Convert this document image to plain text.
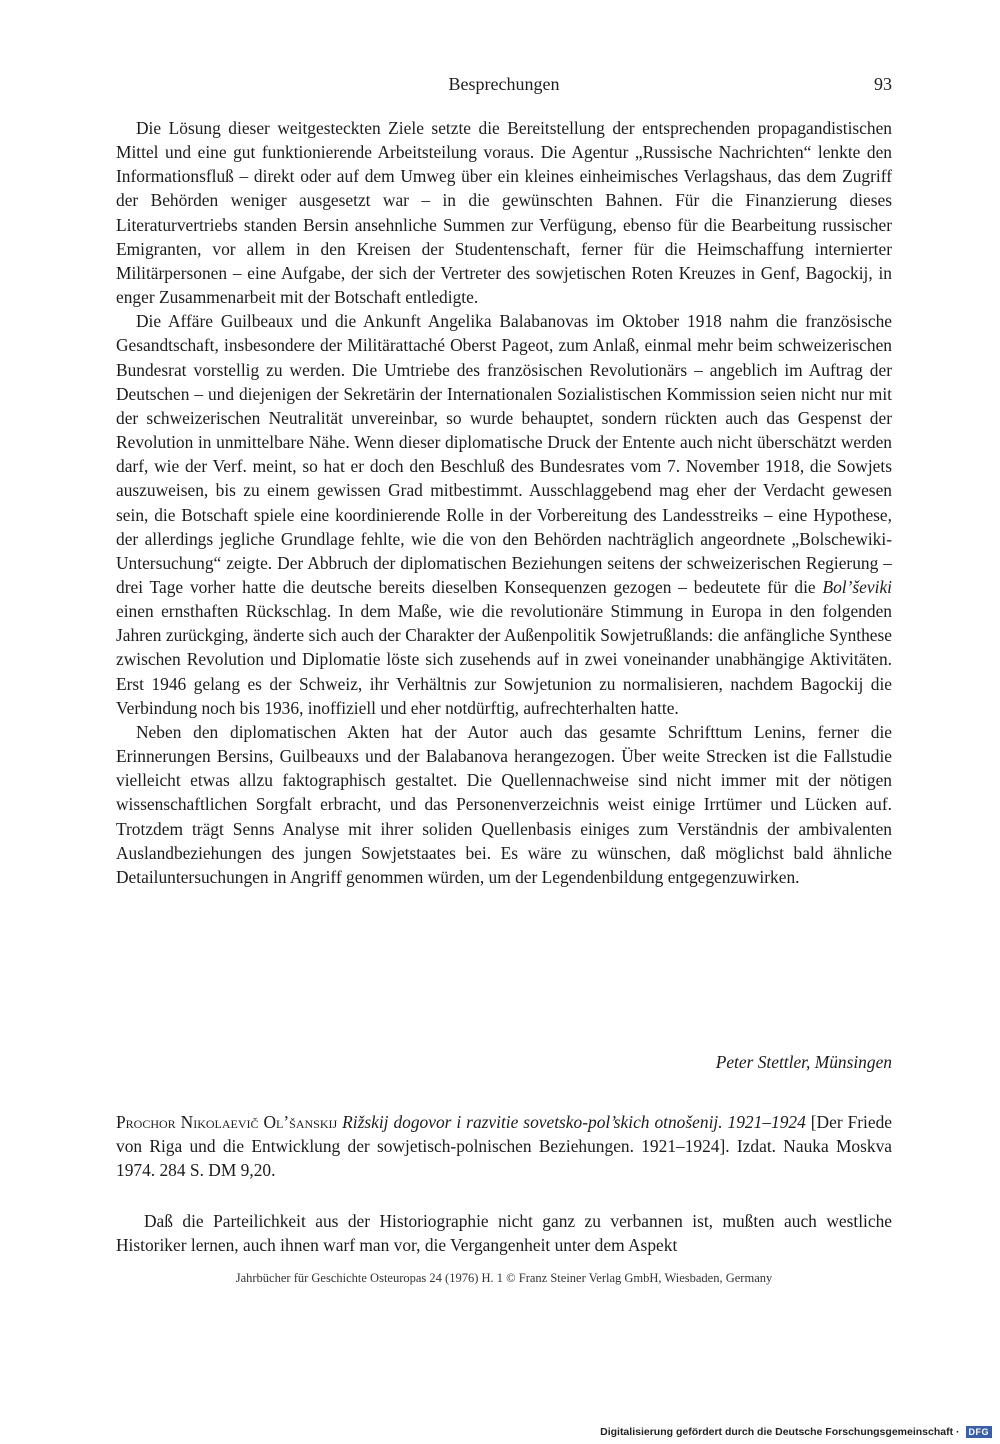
Besprechungen	93

Die Lösung dieser weitgesteckten Ziele setzte die Bereitstellung der entsprechenden propagandistischen Mittel und eine gut funktionierende Arbeitsteilung voraus. Die Agentur „Russische Nachrichten“ lenkte den Informationsfluß – direkt oder auf dem Umweg über ein kleines einheimisches Verlagshaus, das dem Zugriff der Behörden weniger ausgesetzt war – in die gewünschten Bahnen. Für die Finanzierung dieses Literaturvertriebs standen Bersin ansehnliche Summen zur Verfügung, ebenso für die Bearbeitung russischer Emigranten, vor allem in den Kreisen der Studentenschaft, ferner für die Heimschaffung internierter Militärpersonen – eine Aufgabe, der sich der Vertreter des sowjetischen Roten Kreuzes in Genf, Bagockij, in enger Zusammenarbeit mit der Botschaft entledigte.

Die Affäre Guilbeaux und die Ankunft Angelika Balabanovas im Oktober 1918 nahm die französische Gesandtschaft, insbesondere der Militärattaché Oberst Pageot, zum Anlaß, einmal mehr beim schweizerischen Bundesrat vorstellig zu werden. Die Umtriebe des französischen Revolutionärs – angeblich im Auftrag der Deutschen – und diejenigen der Sekretärin der Internationalen Sozialistischen Kommission seien nicht nur mit der schweizerischen Neutralität unvereinbar, so wurde behauptet, sondern rückten auch das Gespenst der Revolution in unmittelbare Nähe. Wenn dieser diplomatische Druck der Entente auch nicht überschätzt werden darf, wie der Verf. meint, so hat er doch den Beschluß des Bundesrates vom 7. November 1918, die Sowjets auszuweisen, bis zu einem gewissen Grad mitbestimmt. Ausschlaggebend mag eher der Verdacht gewesen sein, die Botschaft spiele eine koordinierende Rolle in der Vorbereitung des Landesstreiks – eine Hypothese, der allerdings jegliche Grundlage fehlte, wie die von den Behörden nachträglich angeordnete „Bolschewiki-Untersuchung“ zeigte. Der Abbruch der diplomatischen Beziehungen seitens der schweizerischen Regierung – drei Tage vorher hatte die deutsche bereits dieselben Konsequenzen gezogen – bedeutete für die Bol’ševiki einen ernsthaften Rückschlag. In dem Maße, wie die revolutionäre Stimmung in Europa in den folgenden Jahren zurückging, änderte sich auch der Charakter der Außenpolitik Sowjetrußlands: die anfängliche Synthese zwischen Revolution und Diplomatie löste sich zusehends auf in zwei voneinander unabhängige Aktivitäten. Erst 1946 gelang es der Schweiz, ihr Verhältnis zur Sowjetunion zu normalisieren, nachdem Bagockij die Verbindung noch bis 1936, inoffiziell und eher notdürftig, aufrechterhalten hatte.

Neben den diplomatischen Akten hat der Autor auch das gesamte Schrifttum Lenins, ferner die Erinnerungen Bersins, Guilbeauxs und der Balabanova herangezogen. Über weite Strecken ist die Fallstudie vielleicht etwas allzu faktographisch gestaltet. Die Quellennachweise sind nicht immer mit der nötigen wissenschaftlichen Sorgfalt erbracht, und das Personenverzeichnis weist einige Irrtümer und Lücken auf. Trotzdem trägt Senns Analyse mit ihrer soliden Quellenbasis einiges zum Verständnis der ambivalenten Auslandbeziehungen des jungen Sowjetstaates bei. Es wäre zu wünschen, daß möglichst bald ähnliche Detailuntersuchungen in Angriff genommen würden, um der Legendenbildung entgegenzuwirken.

Peter Stettler, Münsingen
Prochor Nikolaevič Ol’šanskij Rižskij dogovor i razvitie sovetsko-pol’skich otnošenij. 1921–1924 [Der Friede von Riga und die Entwicklung der sowjetisch-polnischen Beziehungen. 1921–1924]. Izdat. Nauka Moskva 1974. 284 S. DM 9,20.

Daß die Parteilichkeit aus der Historiographie nicht ganz zu verbannen ist, mußten auch westliche Historiker lernen, auch ihnen warf man vor, die Vergangenheit unter dem Aspekt

Jahrbücher für Geschichte Osteuropas 24 (1976) H. 1 © Franz Steiner Verlag GmbH, Wiesbaden, Germany
Digitalisierung gefördert durch die Deutsche Forschungsgemeinschaft ·	DFG
